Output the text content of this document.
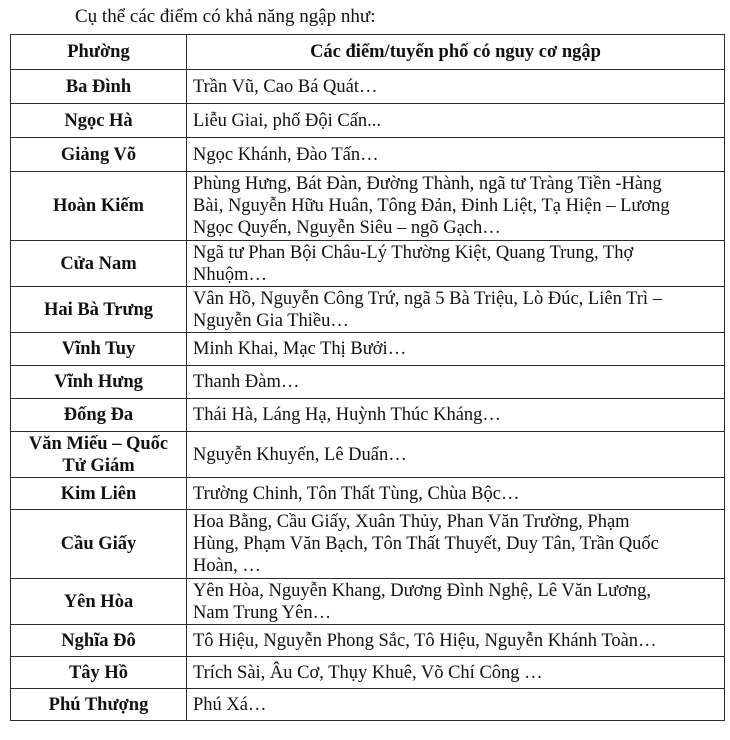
Cụ thể các điểm có khả năng ngập như:
Phường	Các điểm/tuyến phố có nguy cơ ngập

Ba Đình	Trần Vũ, Cao Bá Quát…

Ngọc Hà	Liễu Giai, phố Đội Cấn...

Giảng Võ	Ngọc Khánh, Đào Tấn…

Hoàn Kiếm	Phùng Hưng, Bát Đàn, Đường Thành, ngã tư Tràng Tiền -Hàng
Bài, Nguyễn Hữu Huân, Tông Đản, Đinh Liệt, Tạ Hiện – Lương
Ngọc Quyến, Nguyễn Siêu – ngõ Gạch…

Cửa Nam	Ngã tư Phan Bội Châu-Lý Thường Kiệt, Quang Trung, Thợ
Nhuộm…

Hai Bà Trưng	Vân Hồ, Nguyễn Công Trứ, ngã 5 Bà Triệu, Lò Đúc, Liên Trì –
Nguyễn Gia Thiều…

Vĩnh Tuy	Minh Khai, Mạc Thị Bưởi…

Vĩnh Hưng	Thanh Đàm…

Đống Đa	Thái Hà, Láng Hạ, Huỳnh Thúc Kháng…

Văn Miếu – Quốc
Tử Giám	Nguyễn Khuyến, Lê Duẩn…

Kim Liên	Trường Chinh, Tôn Thất Tùng, Chùa Bộc…

Cầu Giấy	Hoa Bằng, Cầu Giấy, Xuân Thủy, Phan Văn Trường, Phạm
Hùng, Phạm Văn Bạch, Tôn Thất Thuyết, Duy Tân, Trần Quốc
Hoàn, …

Yên Hòa	Yên Hòa, Nguyễn Khang, Dương Đình Nghệ, Lê Văn Lương,
Nam Trung Yên…

Nghĩa Đô	Tô Hiệu, Nguyễn Phong Sắc, Tô Hiệu, Nguyễn Khánh Toàn…

Tây Hồ	Trích Sài, Âu Cơ, Thụy Khuê, Võ Chí Công …

Phú Thượng	Phú Xá…
